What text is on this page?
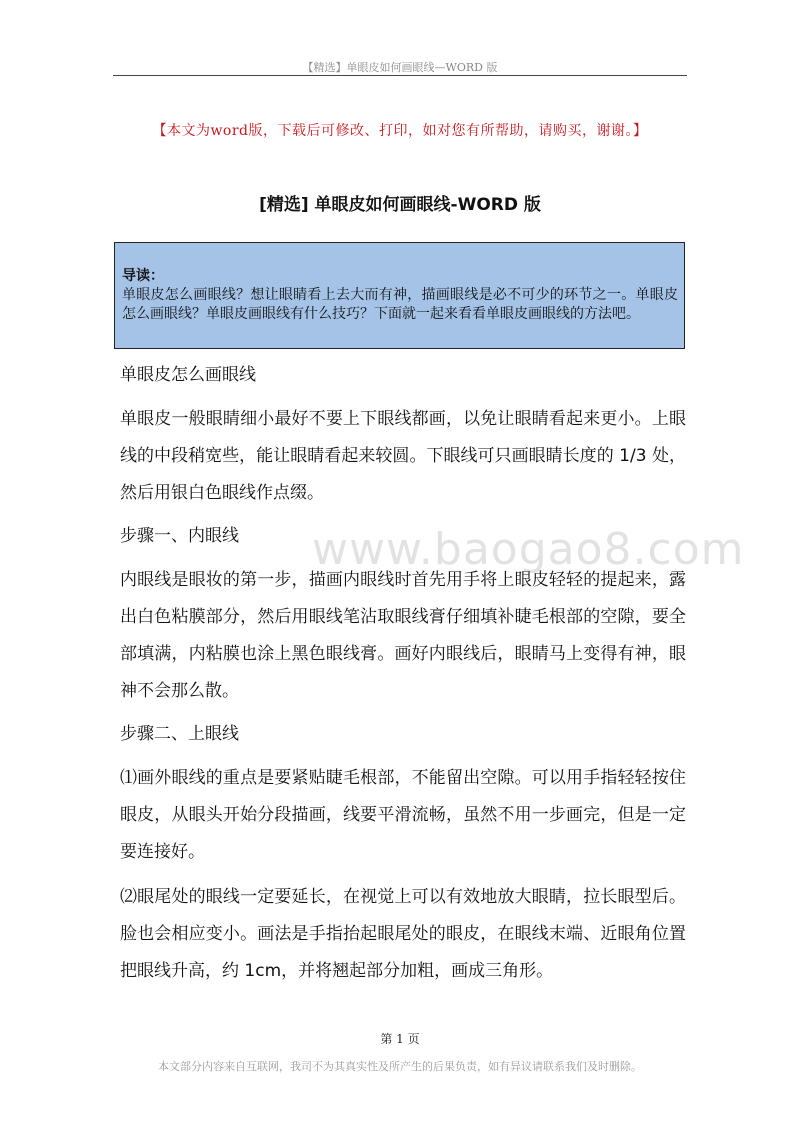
【精选】单眼皮如何画眼线—WORD 版
【本文为word版，下载后可修改、打印，如对您有所帮助，请购买，谢谢。】
[精选] 单眼皮如何画眼线-WORD 版
导读：
单眼皮怎么画眼线？想让眼睛看上去大而有神，描画眼线是必不可少的环节之一。单眼皮怎么画眼线？单眼皮画眼线有什么技巧？下面就一起来看看单眼皮画眼线的方法吧。

单眼皮怎么画眼线

单眼皮一般眼睛细小最好不要上下眼线都画，以免让眼睛看起来更小。上眼线的中段稍宽些，能让眼睛看起来较圆。下眼线可只画眼睛长度的 1/3 处，然后用银白色眼线作点缀。

步骤一、内眼线

内眼线是眼妆的第一步，描画内眼线时首先用手将上眼皮轻轻的提起来，露出白色粘膜部分，然后用眼线笔沾取眼线膏仔细填补睫毛根部的空隙，要全部填满，内粘膜也涂上黑色眼线膏。画好内眼线后，眼睛马上变得有神，眼神不会那么散。

步骤二、上眼线

⑴画外眼线的重点是要紧贴睫毛根部，不能留出空隙。可以用手指轻轻按住眼皮，从眼头开始分段描画，线要平滑流畅，虽然不用一步画完，但是一定要连接好。

⑵眼尾处的眼线一定要延长，在视觉上可以有效地放大眼睛，拉长眼型后。脸也会相应变小。画法是手指抬起眼尾处的眼皮，在眼线末端、近眼角位置把眼线升高，约 1cm，并将翘起部分加粗，画成三角形。

www.baogao8.com
第 1 页
本文部分内容来自互联网，我司不为其真实性及所产生的后果负责，如有异议请联系我们及时删除。
